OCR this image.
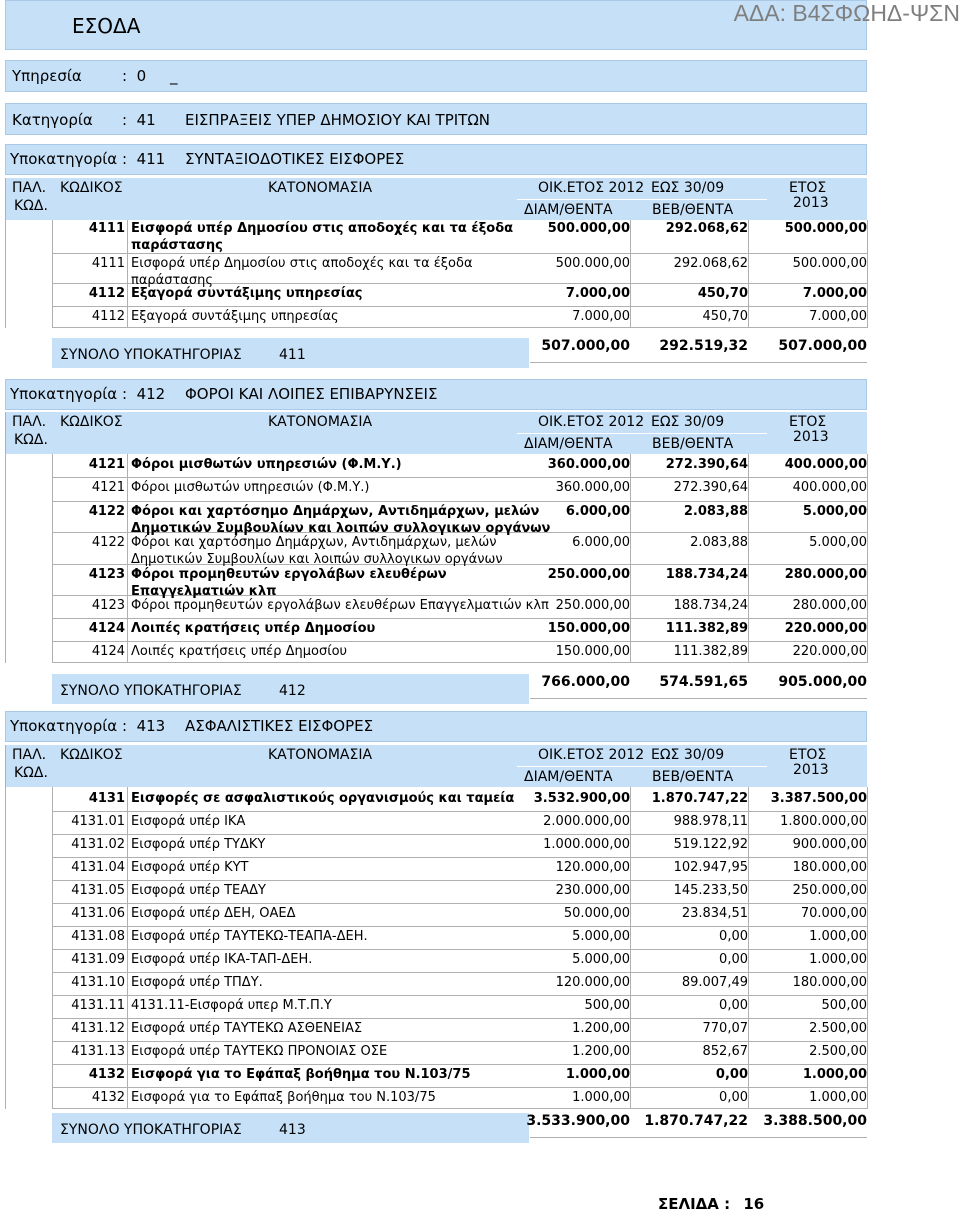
ΕΣΟΔΑ	ΑΔΑ: Β4ΣΦΩΗΔ-ΨΣΝ
Υπηρεσία	:  0     _
Κατηγορία :  41 ΕΙΣΠΡΑΞΕΙΣ ΥΠΕΡ ΔΗΜΟΣΙΟΥ ΚΑΙ ΤΡΙΤΩΝ
Υποκατηγορία :  411 ΣΥΝΤΑΞΙΟΔΟΤΙΚΕΣ ΕΙΣΦΟΡΕΣ
ΠΑΛ.
ΚΩΔ.
ΚΩΔΙΚΟΣ	ΚΑΤΟΝΟΜΑΣΙΑ	ΟΙΚ.ΕΤΟΣ 2012 ΕΩΣ 30/09
ΔΙΑΜ/ΘΕΝΤΑ	ΒΕΒ/ΘΕΝΤΑ
ΕΤΟΣ
2013
4111 Εισφορά υπέρ Δημοσίου στις αποδοχές και τα έξοδα
παράστασης
500.000,00	292.068,62	500.000,00
4111 Εισφορά υπέρ Δημοσίου στις αποδοχές και τα έξοδα
παράστασης
500.000,00	292.068,62	500.000,00
4112 Εξαγορά συντάξιμης υπηρεσίας	7.000,00	450,70	7.000,00
4112 Εξαγορά συντάξιμης υπηρεσίας	7.000,00	450,70	7.000,00
ΣΥΝΟΛΟ ΥΠΟΚΑΤΗΓΟΡΙΑΣ	411
507.000,00	292.519,32	507.000,00
Υποκατηγορία :  412 ΦΟΡΟΙ ΚΑΙ ΛΟΙΠΕΣ ΕΠΙΒΑΡΥΝΣΕΙΣ
ΠΑΛ.
ΚΩΔ.
ΚΩΔΙΚΟΣ	ΚΑΤΟΝΟΜΑΣΙΑ	ΟΙΚ.ΕΤΟΣ 2012 ΕΩΣ 30/09
ΔΙΑΜ/ΘΕΝΤΑ	ΒΕΒ/ΘΕΝΤΑ
ΕΤΟΣ
2013
4121 Φόροι μισθωτών υπηρεσιών (Φ.Μ.Υ.)	360.000,00	272.390,64	400.000,00
4121 Φόροι μισθωτών υπηρεσιών (Φ.Μ.Υ.)	360.000,00	272.390,64	400.000,00
4122 Φόροι και χαρτόσημο Δημάρχων, Αντιδημάρχων, μελών
Δημοτικών Συμβουλίων και λοιπών συλλογικων οργάνων
6.000,00	2.083,88	5.000,00
4122 Φόροι και χαρτόσημο Δημάρχων, Αντιδημάρχων, μελών
Δημοτικών Συμβουλίων και λοιπών συλλογικων οργάνων
6.000,00	2.083,88	5.000,00
4123 Φόροι προμηθευτών εργολάβων ελευθέρων
Επαγγελματιών κλπ
250.000,00	188.734,24	280.000,00
4123 Φόροι προμηθευτών εργολάβων ελευθέρων Επαγγελματιών κλπ 250.000,00	188.734,24	280.000,00
4124 Λοιπές κρατήσεις υπέρ Δημοσίου	150.000,00	111.382,89	220.000,00
4124 Λοιπές κρατήσεις υπέρ Δημοσίου	150.000,00	111.382,89	220.000,00
ΣΥΝΟΛΟ ΥΠΟΚΑΤΗΓΟΡΙΑΣ	412
766.000,00	574.591,65	905.000,00
Υποκατηγορία :  413 ΑΣΦΑΛΙΣΤΙΚΕΣ ΕΙΣΦΟΡΕΣ
ΠΑΛ.
ΚΩΔ.
ΚΩΔΙΚΟΣ	ΚΑΤΟΝΟΜΑΣΙΑ	ΟΙΚ.ΕΤΟΣ 2012 ΕΩΣ 30/09
ΔΙΑΜ/ΘΕΝΤΑ	ΒΕΒ/ΘΕΝΤΑ
ΕΤΟΣ
2013
4131 Εισφορές σε ασφαλιστικούς οργανισμούς και ταμεία	3.532.900,00	1.870.747,22	3.387.500,00
4131.01 Εισφορά υπέρ ΙΚΑ	2.000.000,00	988.978,11	1.800.000,00
4131.02 Εισφορά υπέρ ΤΥΔΚΥ	1.000.000,00	519.122,92	900.000,00
4131.04 Εισφορά υπέρ ΚΥΤ	120.000,00	102.947,95	180.000,00
4131.05 Εισφορά υπέρ ΤΕΑΔΥ	230.000,00	145.233,50	250.000,00
4131.06 Εισφορά υπέρ ΔΕΗ, ΟΑΕΔ	50.000,00	23.834,51	70.000,00
4131.08 Εισφορά υπέρ ΤΑΥΤΕΚΩ-ΤΕΑΠΑ-ΔΕΗ.	5.000,00	0,00	1.000,00
4131.09 Εισφορά υπέρ ΙΚΑ-ΤΑΠ-ΔΕΗ.	5.000,00	0,00	1.000,00
4131.10 Εισφορά υπέρ ΤΠΔΥ.	120.000,00	89.007,49	180.000,00
4131.11 4131.11-Εισφορά υπερ Μ.Τ.Π.Υ	500,00	0,00	500,00
4131.12 Εισφορά υπέρ ΤΑΥΤΕΚΩ ΑΣΘΕΝΕΙΑΣ	1.200,00	770,07	2.500,00
4131.13 Εισφορά υπέρ ΤΑΥΤΕΚΩ ΠΡΟΝΟΙΑΣ ΟΣΕ	1.200,00	852,67	2.500,00
4132 Εισφορά για το Εφάπαξ βοήθημα του Ν.103/75	1.000,00	0,00	1.000,00
4132 Εισφορά για το Εφάπαξ βοήθημα του Ν.103/75	1.000,00	0,00	1.000,00
ΣΥΝΟΛΟ ΥΠΟΚΑΤΗΓΟΡΙΑΣ	413
3.533.900,00	1.870.747,22	3.388.500,00
ΣΕΛΙΔΑ : 16
